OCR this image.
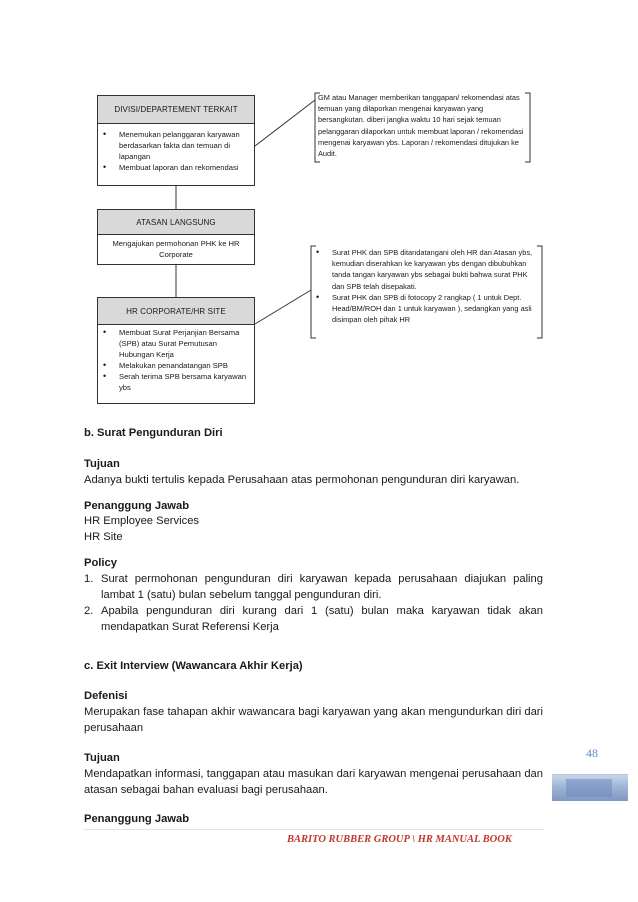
DIVISI/DEPARTEMENT TERKAIT
• Menemukan pelanggaran karyawan berdasarkan fakta dan temuan di lapangan
• Membuat laporan dan rekomendasi
GM atau Manager memberikan tanggapan/ rekomendasi atas temuan yang dilaporkan mengenai karyawan yang bersangkutan. diberi jangka waktu 10 hari sejak temuan pelanggaran dilaporkan untuk membuat laporan / rekomendasi mengenai karyawan ybs. Laporan / rekomendasi ditujukan ke Audit.
ATASAN LANGSUNG
Mengajukan permohonan PHK ke HR Corporate
•	Surat PHK dan SPB ditandatangani oleh HR dan Atasan ybs, kemudian diserahkan ke karyawan ybs dengan dibubuhkan tanda tangan karyawan ybs sebagai bukti bahwa surat PHK dan SPB telah disepakati.
• Surat PHK dan SPB di fotocopy 2 rangkap ( 1 untuk Dept. Head/BM/ROH dan 1 untuk karyawan ), sedangkan yang asli disimpan oleh pihak HR
HR CORPORATE/HR SITE
• Membuat Surat Perjanjian Bersama (SPB) atau Surat Pemutusan Hubungan Kerja
• Melakukan penandatangan SPB
• Serah terima SPB bersama karyawan ybs
b. Surat Pengunduran Diri
Tujuan
Adanya bukti tertulis kepada Perusahaan atas permohonan pengunduran diri karyawan.
Penanggung Jawab
HR Employee Services
HR Site
Policy
1. Surat permohonan pengunduran diri karyawan kepada perusahaan diajukan paling lambat 1 (satu) bulan sebelum tanggal pengunduran diri.
2. Apabila pengunduran diri kurang dari 1 (satu) bulan maka karyawan tidak akan mendapatkan Surat Referensi Kerja
c. Exit Interview (Wawancara Akhir Kerja)
Defenisi
Merupakan fase tahapan akhir wawancara bagi karyawan yang akan mengundurkan diri dari perusahaan
Tujuan
Mendapatkan informasi, tanggapan atau masukan dari karyawan mengenai perusahaan dan atasan sebagai bahan evaluasi bagi perusahaan.
Penanggung Jawab
48
BARITO RUBBER GROUP \ HR MANUAL BOOK
